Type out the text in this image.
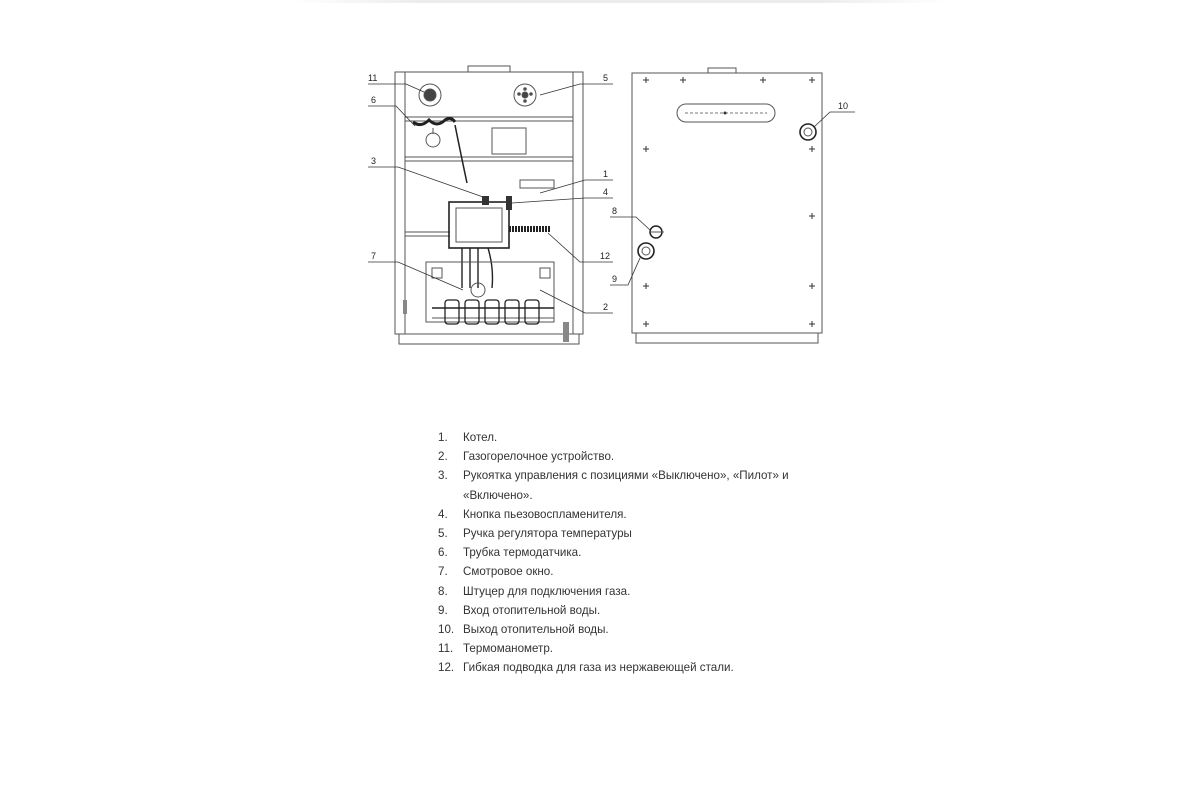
1
2
3
4
5
6
7
8
9
10
11
12
1.	Котел.
2.	Газогорелочное устройство.
3.	Рукоятка управления с позициями «Выключено», «Пилот» и «Включено».
4.	Кнопка пьезовоспламенителя.
5.	Ручка регулятора температуры
6.	Трубка термодатчика.
7.	Смотровое окно.
8.	Штуцер для подключения газа.
9.	Вход отопительной воды.
10. Выход отопительной воды.
11. Термоманометр.
12. Гибкая подводка для газа из нержавеющей стали.
